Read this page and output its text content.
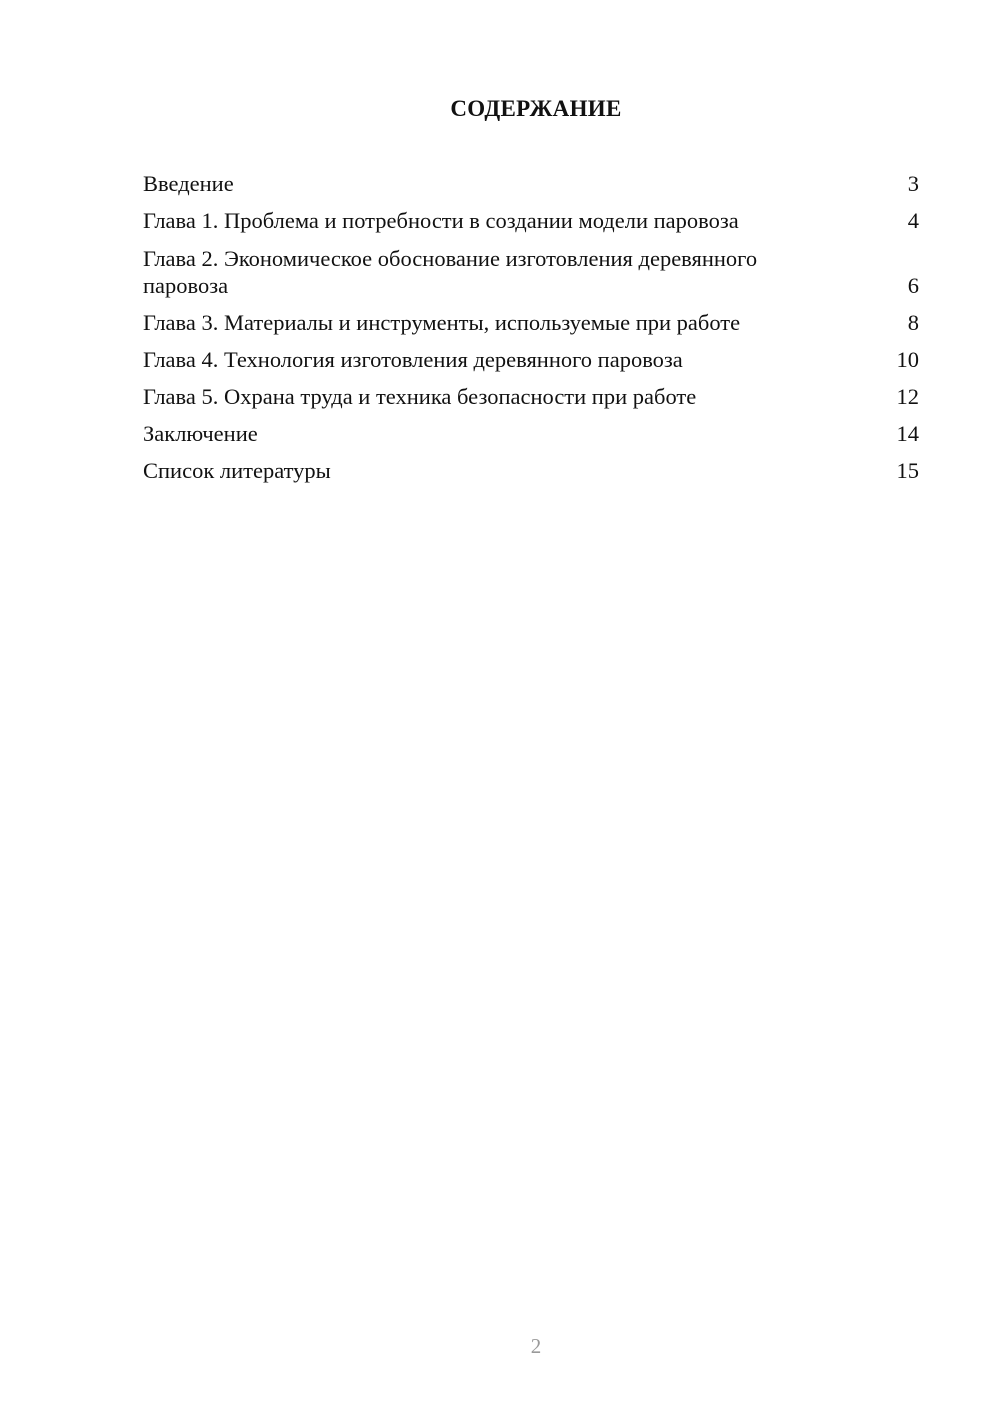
СОДЕРЖАНИЕ
Введение	3
Глава 1. Проблема и потребности в создании модели паровоза	4
Глава 2. Экономическое обоснование изготовления деревянного паровоза	6
Глава 3. Материалы и инструменты, используемые при работе	8
Глава 4. Технология изготовления деревянного паровоза	10
Глава 5. Охрана труда и техника безопасности при работе	12
Заключение	14
Список литературы	15
2
